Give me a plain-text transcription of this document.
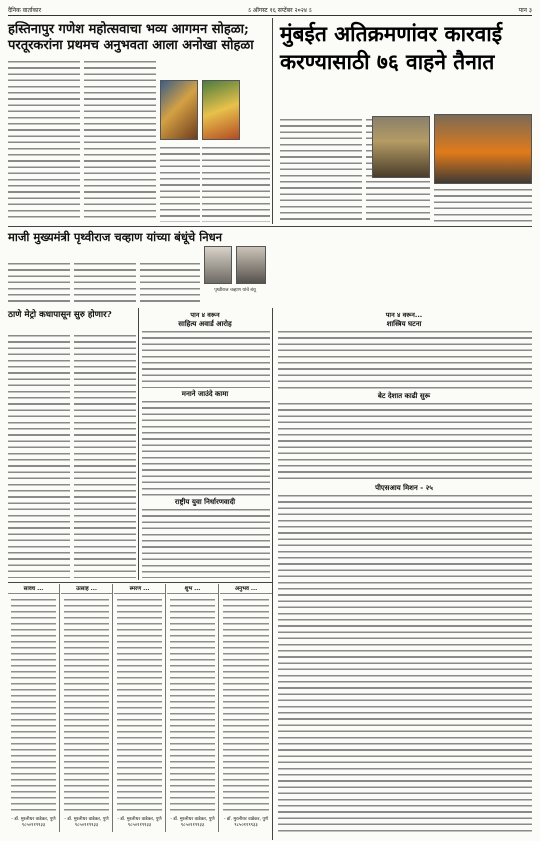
दैनिक वार्ताकार	ऽ ऑगस्ट १६ सप्टेंबर २०२४ ऽ	पान ३
हस्तिनापुर गणेश महोत्सवाचा भव्य आगमन सोहळा; परतूरकरांना प्रथमच अनुभवता आला अनोखा सोहळा मुंबईत अतिक्रमणांवर कारवाई करण्यासाठी ७६ वाहने तैनात
माजी मुख्यमंत्री पृथ्वीराज चव्हाण यांच्या बंधूंचे निधन
पृथ्वीराज चव्हाण यांचे बंधू
ठाणे मेट्रो कधापासून सुरु होणार?	पान ४ वरून
साहित्य अवार्ड आरोह
मनाने जाउंदे कामा
राष्ट्रीय युवा निर्धारणवादी
पान ४ वरून...
शास्त्रिय घटना
बेट देशात काढी सुरू
पीएसआय मिशन - २५
सावध ...
- डॉ. मुरलीधर वाडेकर, पुणे ९८५०११९९३३
उत्साह ...
- डॉ. मुरलीधर वाडेकर, पुणे ९८५०११९९३३
स्मरण ...
- डॉ. मुरलीधर वाडेकर, पुणे ९८५०११९९३३
शुभ ...
- डॉ. मुरलीधर वाडेकर, पुणे ९८५०११९९३३
अनुभव ...
- डॉ. मुरलीधर वाडेकर, पुणे ९८५०११९९३३
